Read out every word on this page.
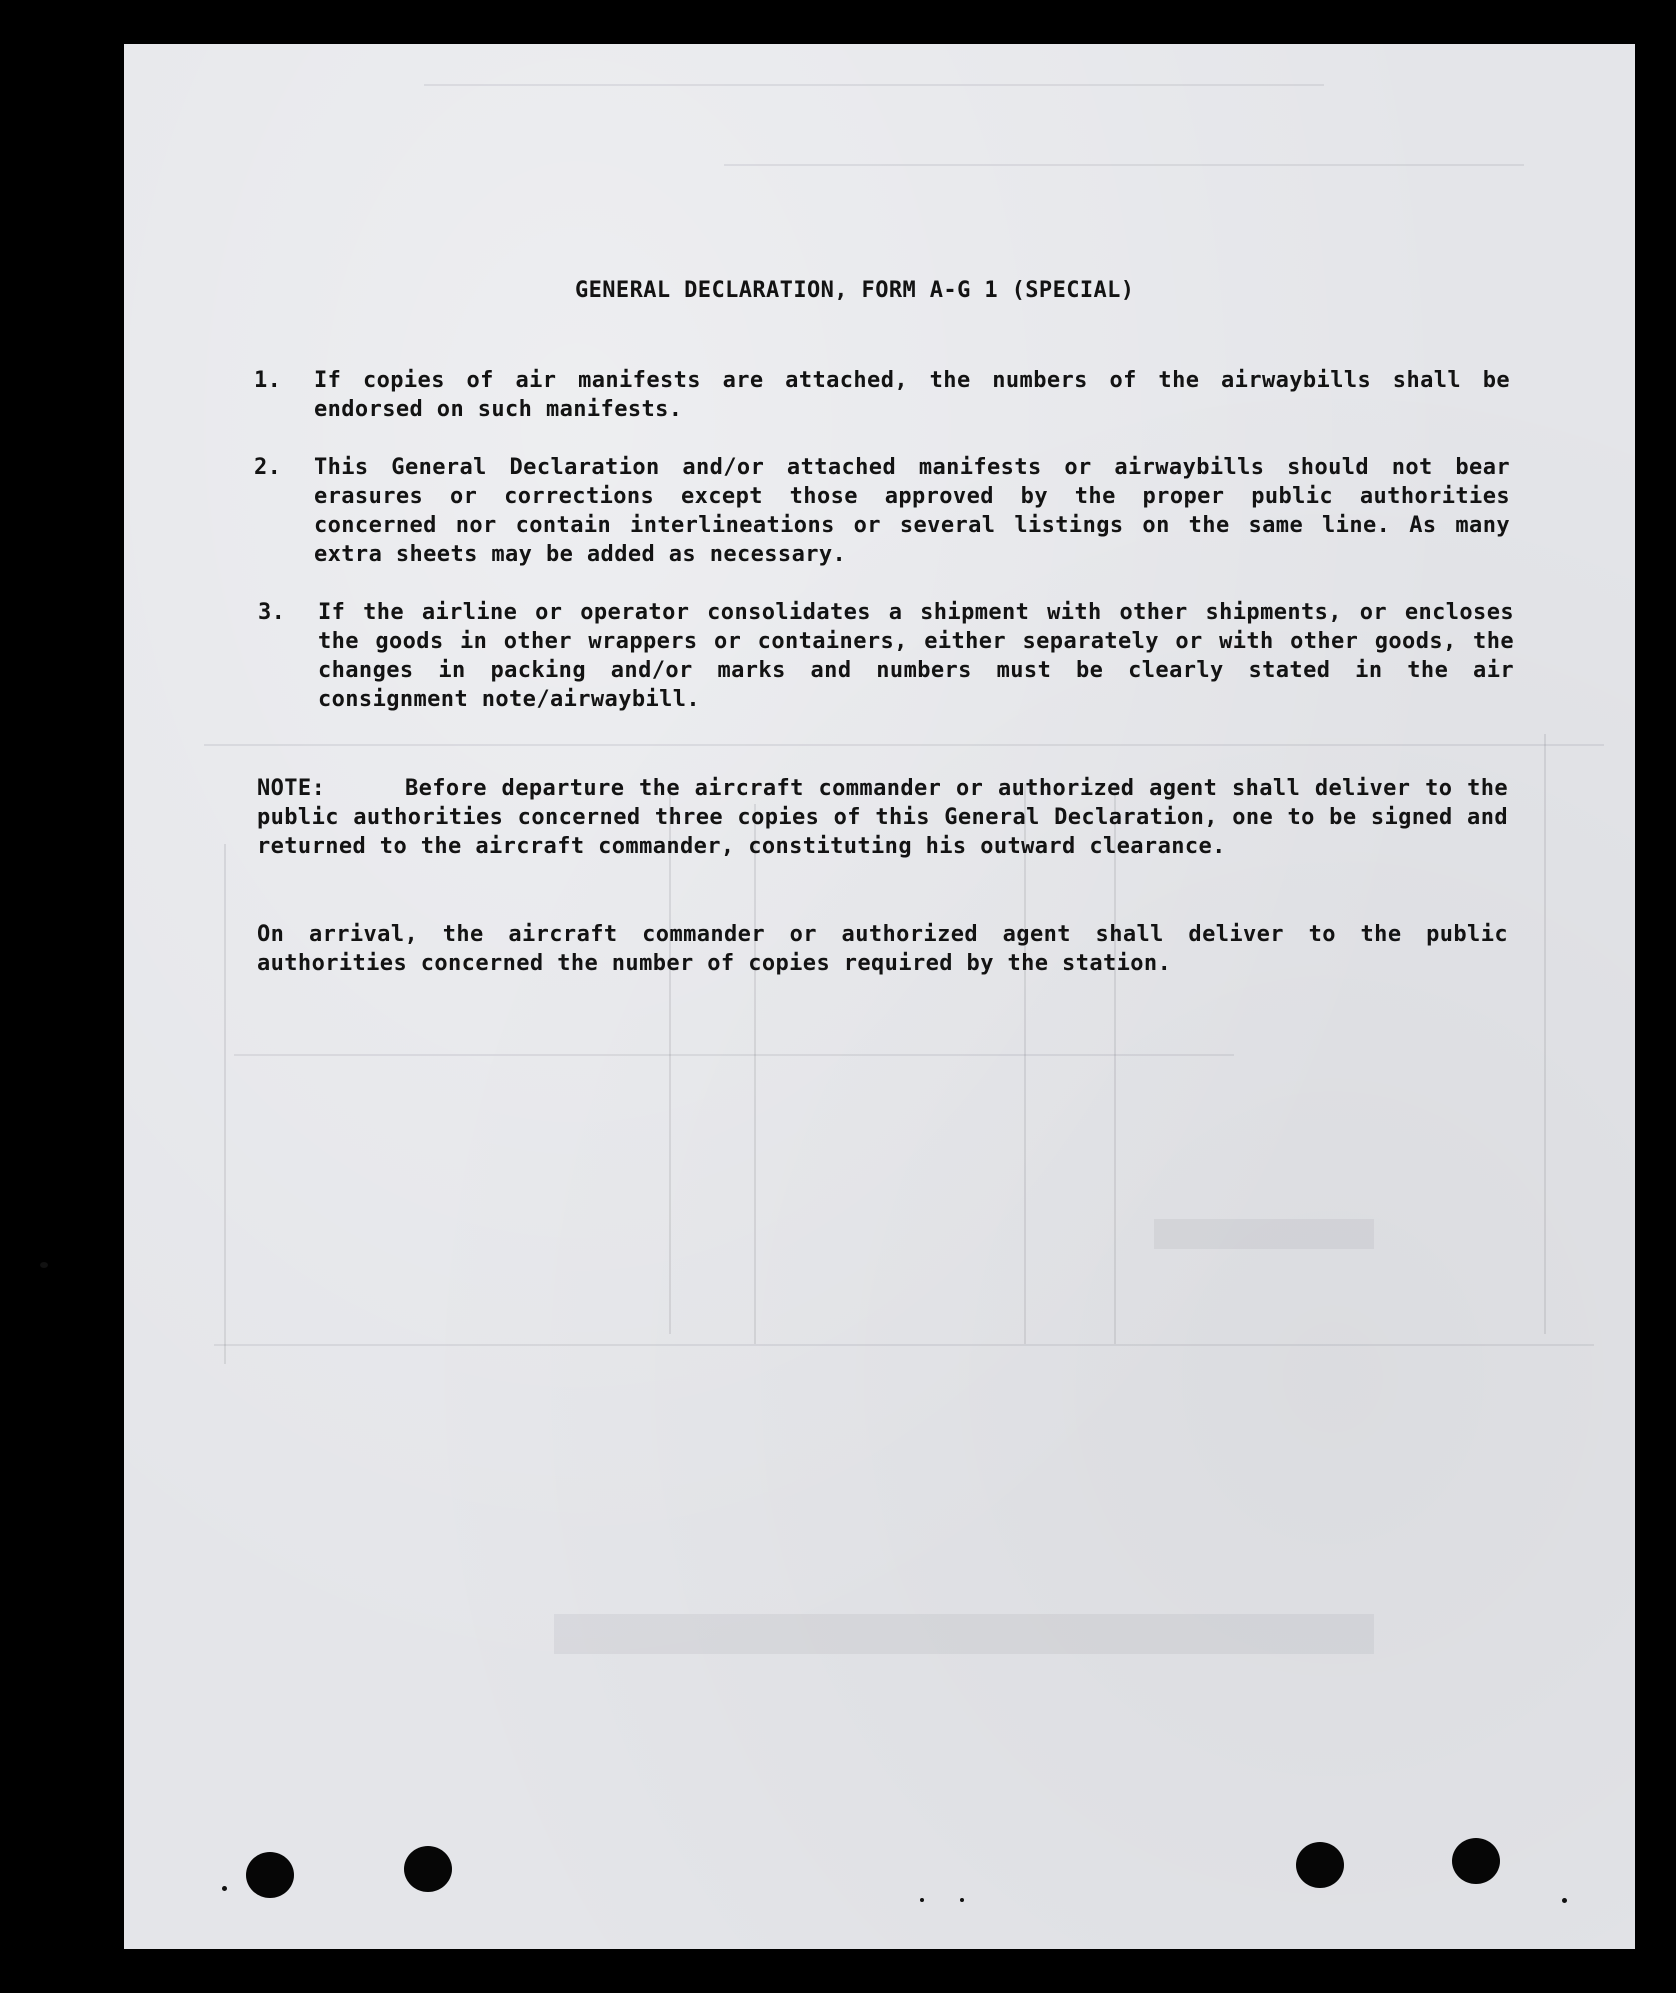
GENERAL DECLARATION, FORM A-G 1 (SPECIAL)
1.	If copies of air manifests are attached, the numbers of the airwaybills shall be endorsed on such manifests.
2.	This General Declaration and/or attached manifests or airwaybills should not bear erasures or corrections except those approved by the proper public authorities concerned nor contain interlineations or several listings on the same line. As many extra sheets may be added as necessary.
3.	If the airline or operator consolidates a shipment with other shipments, or encloses the goods in other wrappers or containers, either separately or with other goods, the changes in packing and/or marks and numbers must be clearly stated in the air consignment note/airwaybill.

NOTE:	Before departure the aircraft commander or authorized agent shall deliver to the public authorities concerned three copies of this General Declaration, one to be signed and returned to the aircraft commander, constituting his outward clearance.

On arrival, the aircraft commander or authorized agent shall deliver to the public authorities concerned the number of copies required by the station.
